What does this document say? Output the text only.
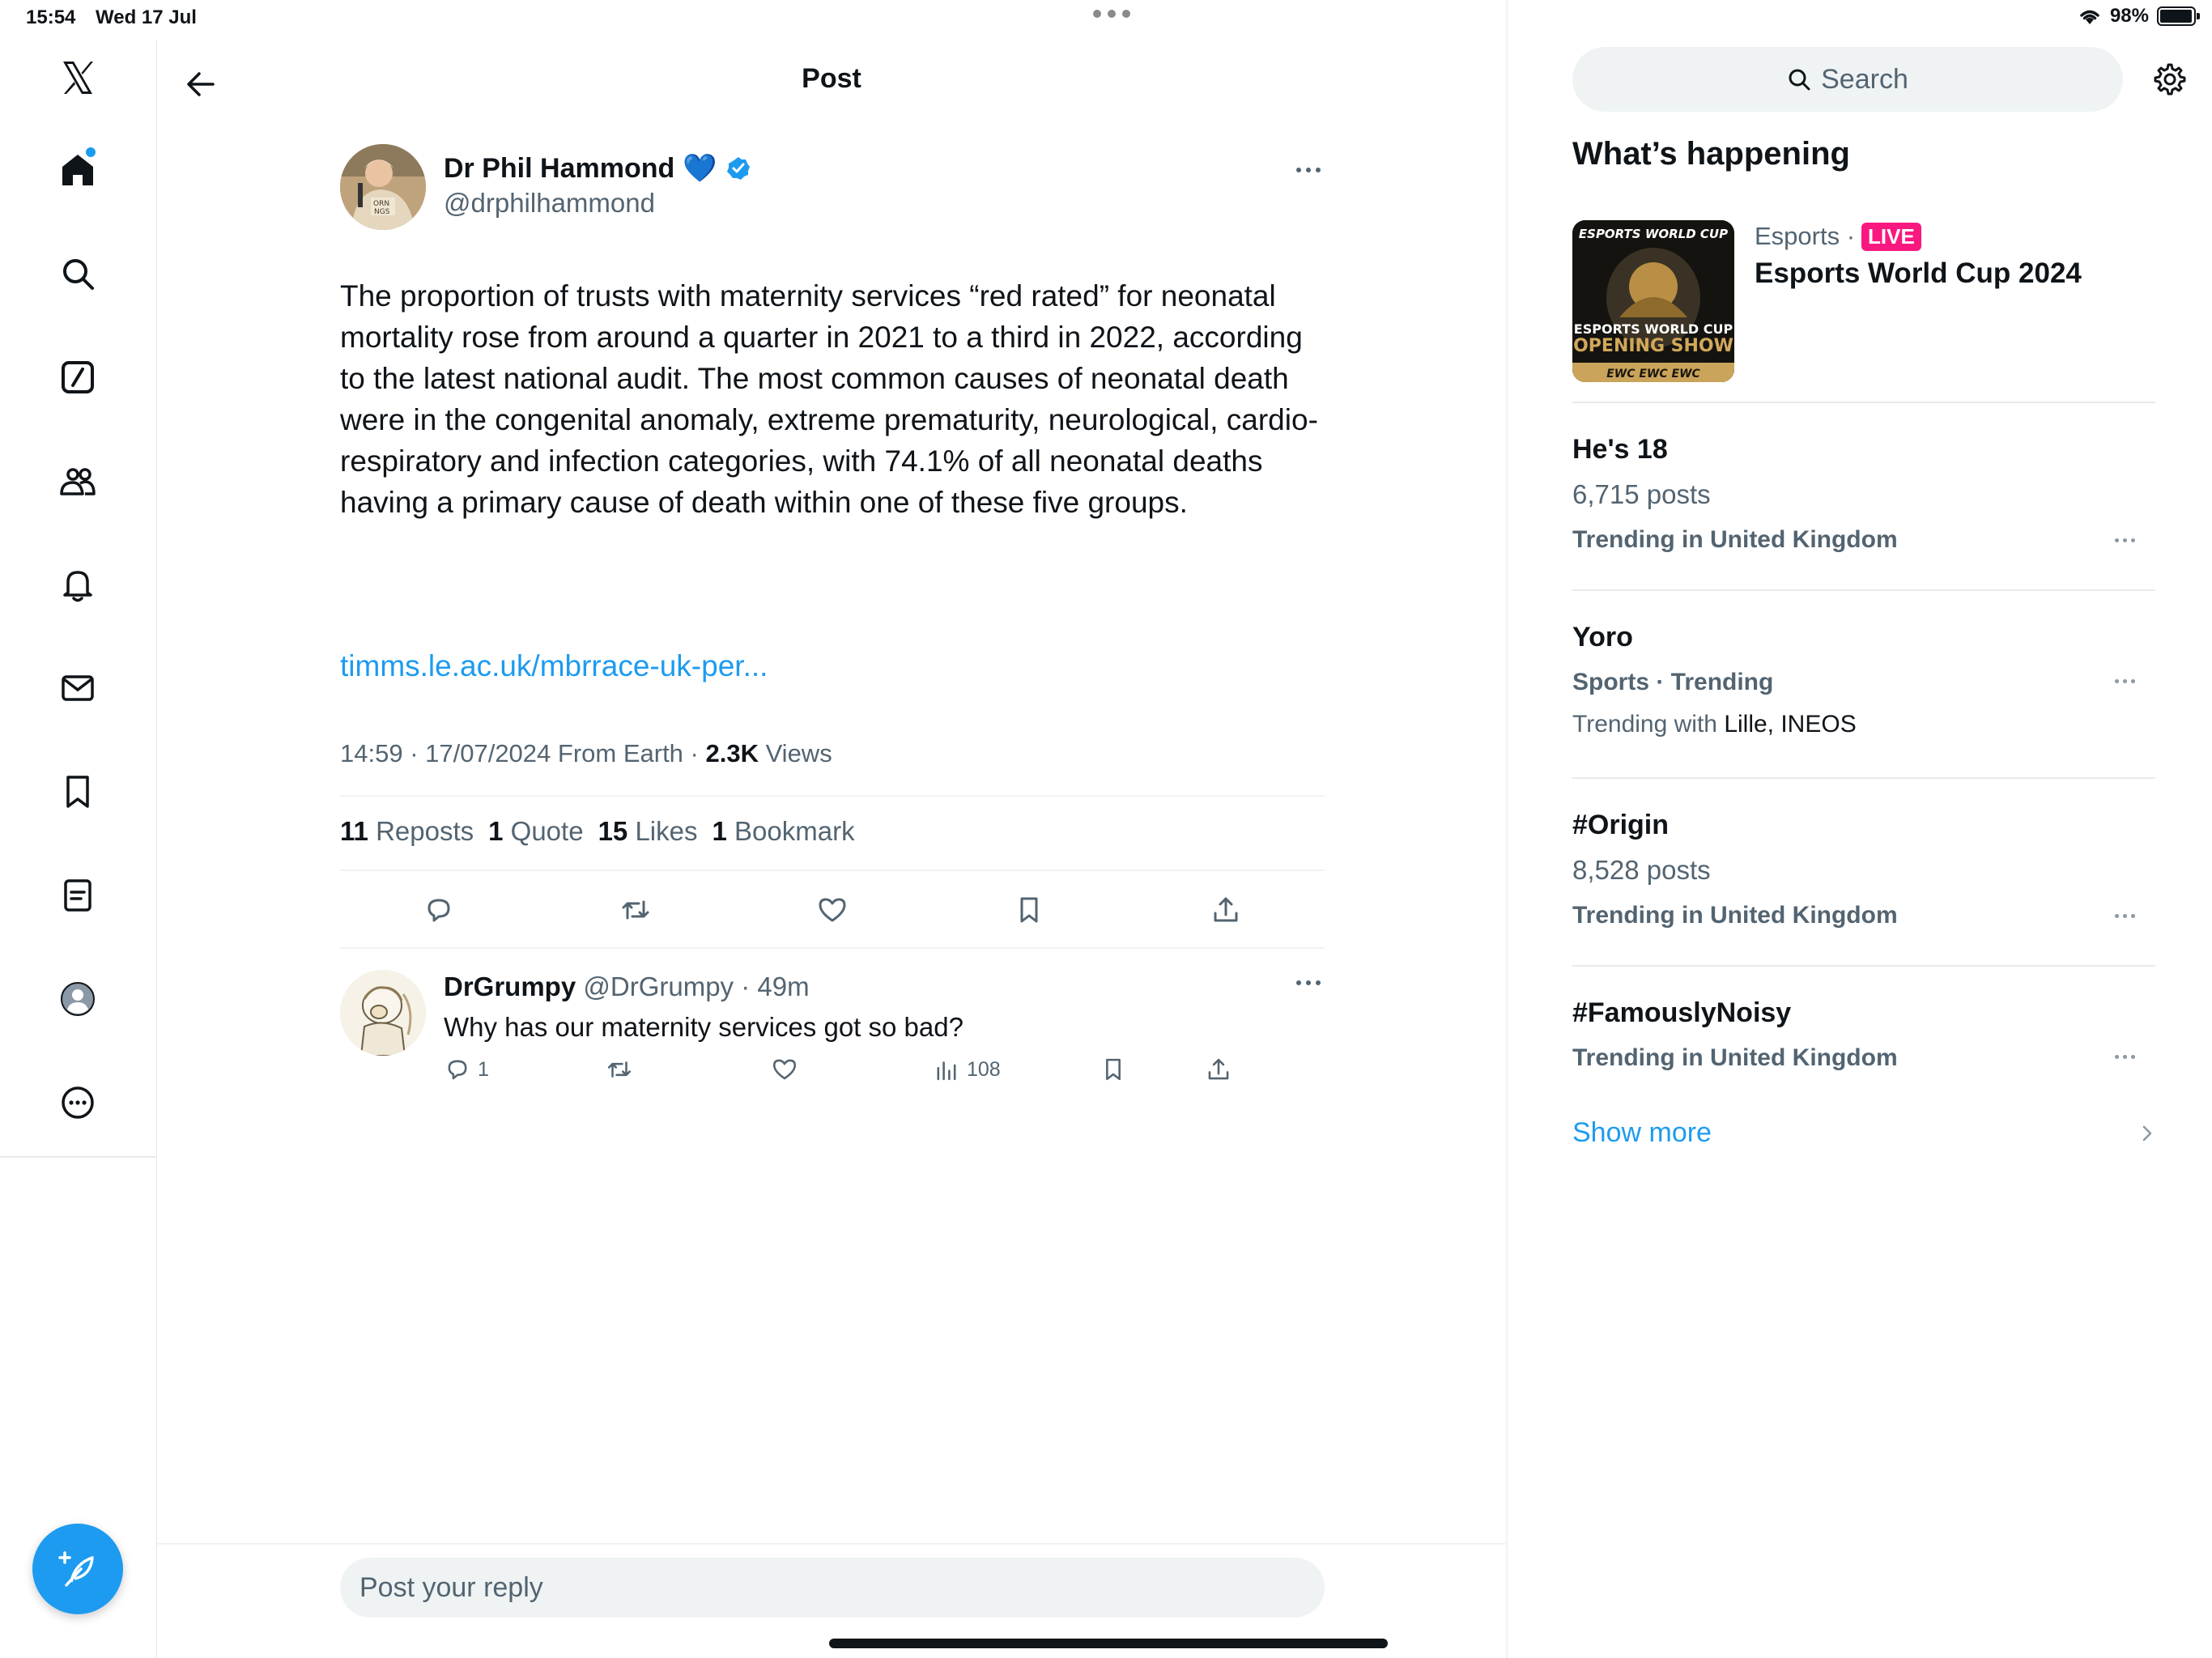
15:54 Wed 17 Jul	98%
Post
ORN
NGS
Dr Phil Hammond 💙
@drphilhammond
The proportion of trusts with maternity services “red rated” for neonatal mortality rose from around a quarter in 2021 to a third in 2022, according to the latest national audit. The most common causes of neonatal death were in the congenital anomaly, extreme prematurity, neurological, cardio-respiratory and infection categories, with 74.1% of all neonatal deaths having a primary cause of death within one of these five groups.
timms.le.ac.uk/mbrrace-uk-per...
14:59 · 17/07/2024 From Earth · 2.3K Views
11 Reposts 1 Quote 15 Likes 1 Bookmark
DrGrumpy @DrGrumpy · 49m
Why has our maternity services got so bad?
1	108
Post your reply
Search
What’s happening
ESPORTS WORLD CUP
ESPORTS WORLD CUP
OPENING SHOW
EWC EWC EWC
Esports · LIVE
Esports World Cup 2024
He's 18
6,715 posts
Trending in United Kingdom
Yoro
Sports · Trending
Trending with Lille, INEOS
#Origin
8,528 posts
Trending in United Kingdom
#FamouslyNoisy
Trending in United Kingdom
Show more
